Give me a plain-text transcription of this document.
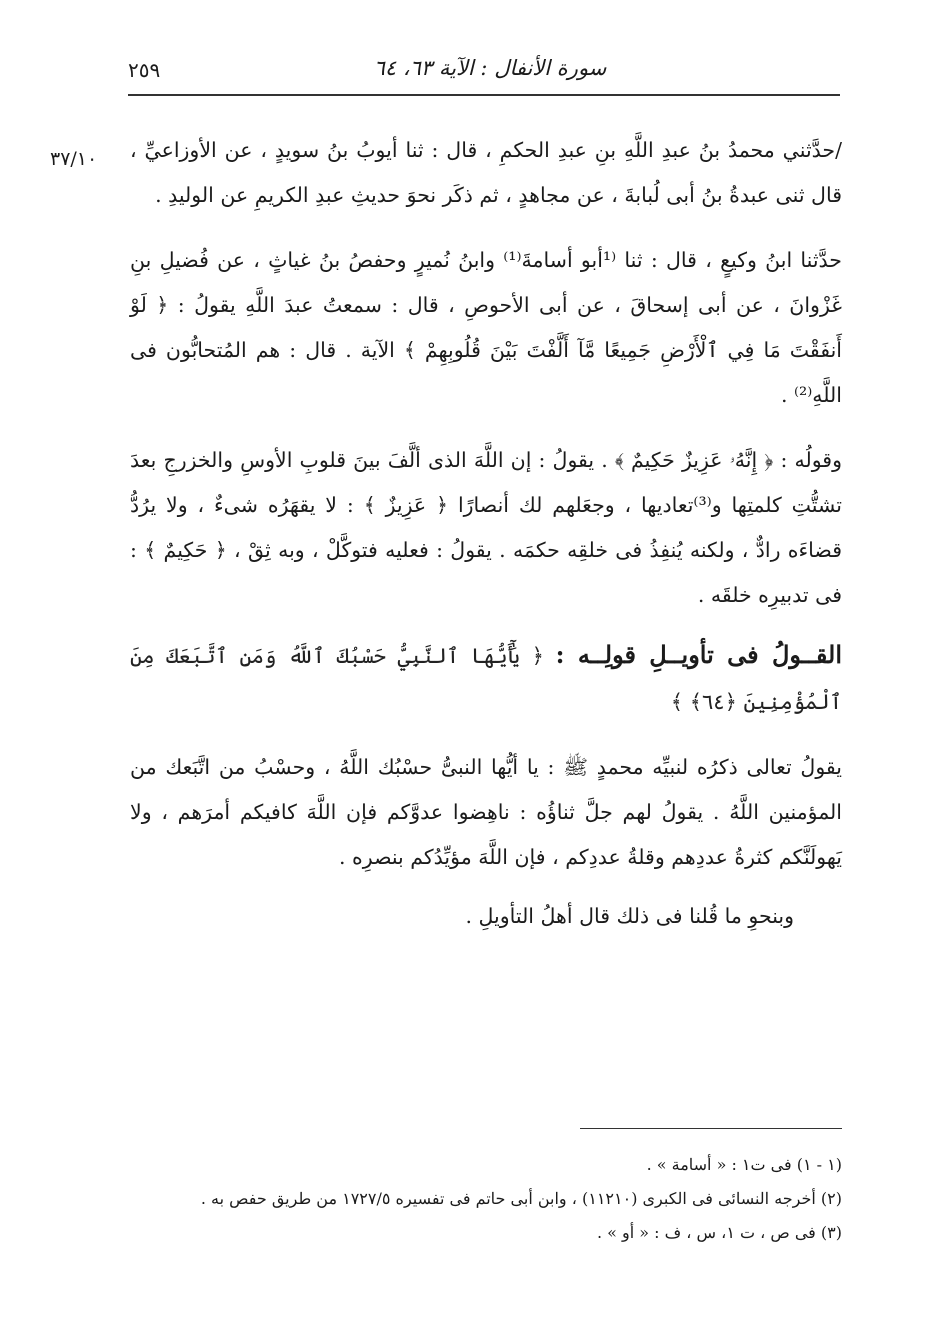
٢٥٩	سورة الأنفال : الآية ٦٣، ٦٤
٣٧/١٠ /حدَّثني محمدُ بنُ عبدِ اللَّهِ بنِ عبدِ الحكمِ ، قال : ثنا أيوبُ بنُ سويدٍ ، عن الأوزاعيِّ ، قال ثنى عبدةُ بنُ أبى لُبابةَ ، عن مجاهدٍ ، ثم ذكَر نحوَ حديثِ عبدِ الكريمِ عن الوليدِ .

حدَّثنا ابنُ وكيعٍ ، قال : ثنا ⁽¹أبو أسامةَ⁽¹⁾ وابنُ نُميرٍ وحفصُ بنُ غياثٍ ، عن فُضيلِ بنِ غَزْوانَ ، عن أبى إسحاقَ ، عن أبى الأحوصِ ، قال : سمعتُ عبدَ اللَّهِ يقولُ : ﴿ لَوْ أَنفَقْتَ مَا فِي ٱلْأَرْضِ جَمِيعًا مَّآ أَلَّفْتَ بَيْنَ قُلُوبِهِمْ ﴾ الآية . قال : هم المُتحابُّون فى اللَّهِ⁽²⁾ .

وقولُه : ﴿ إِنَّهُۥ عَزِيزٌ حَكِيمٌ ﴾ . يقولُ : إن اللَّهَ الذى ألَّفَ بينَ قلوبِ الأوسِ والخزرجِ بعدَ تشتُّتِ كلمتِها و⁽³⁾تعاديها ، وجعَلهم لك أنصارًا ﴿ عَزِيزٌ ﴾ : لا يقهَرُه شىءٌ ، ولا يرُدُّ قضاءَه رادٌّ ، ولكنه يُنفِذُ فى خلقِه حكمَه . يقولُ : فعليه فتوكَّلْ ، وبه ثِقْ ، ﴿ حَكِيمٌ ﴾ : فى تدبيرِه خلقَه .

القــولُ فى تأويــلِ قولِــه : ﴿ يَٰٓأَيُّهَا ٱلنَّبِيُّ حَسْبُكَ ٱللَّهُ وَمَنِ ٱتَّبَعَكَ مِنَ ٱلْمُؤْمِنِينَ ﴿٦٤﴾ ﴾

يقولُ تعالى ذكرُه لنبيِّه محمدٍ ﷺ : يا أيُّها النبىُّ حسْبُك اللَّهُ ، وحسْبُ من اتَّبَعك من المؤمنين اللَّهُ . يقولُ لهم جلَّ ثناؤُه : ناهِضوا عدوَّكم فإن اللَّهَ كافيكم أمرَهم ، ولا يَهولَنَّكم كثرةُ عددِهم وقلةُ عددِكم ، فإن اللَّهَ مؤيِّدُكم بنصرِه .

وبنحوِ ما قُلنا فى ذلك قال أهلُ التأويلِ .

(١ - ١) فى ت١ : « أسامة » .
(٢) أخرجه النسائى فى الكبرى (١١٢١٠) ، وابن أبى حاتم فى تفسيره ١٧٢٧/٥ من طريق حفص به .
(٣) فى ص ، ت ١، س ، ف : « أو » .
